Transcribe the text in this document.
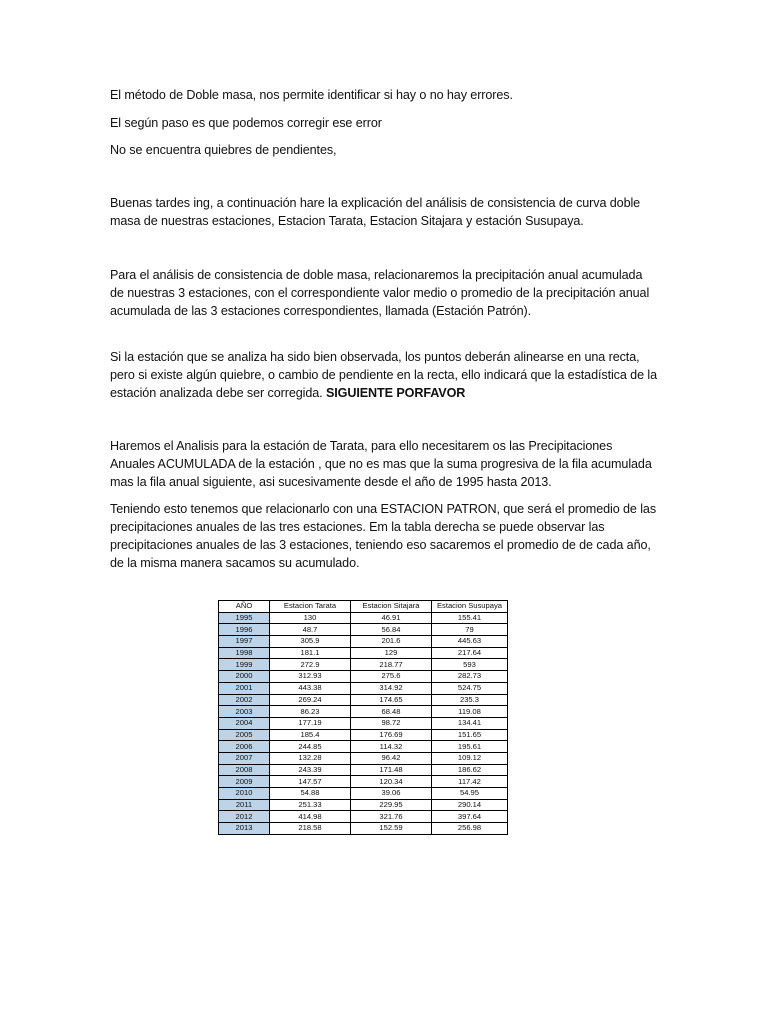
El método de Doble masa, nos permite identificar si hay o no hay errores.

El según paso es que podemos corregir ese error

No se encuentra quiebres de pendientes,

Buenas tardes ing, a continuación hare la explicación del análisis de consistencia de curva doble masa de nuestras estaciones, Estacion Tarata, Estacion Sitajara y estación Susupaya.

Para el análisis de consistencia de doble masa, relacionaremos la precipitación anual acumulada de nuestras 3 estaciones, con el correspondiente valor medio o promedio de la precipitación anual acumulada de las 3 estaciones correspondientes, llamada (Estación Patrón).

Si la estación que se analiza ha sido bien observada, los puntos deberán alinearse en una recta, pero si existe algún quiebre, o cambio de pendiente en la recta, ello indicará que la estadística de la estación analizada debe ser corregida. SIGUIENTE PORFAVOR

Haremos el Analisis para la estación de Tarata, para ello necesitarem os las Precipitaciones Anuales ACUMULADA de la estación , que no es mas que la suma progresiva de la fila acumulada mas la fila anual siguiente, asi sucesivamente desde el año de 1995 hasta 2013.

Teniendo esto tenemos que relacionarlo con una ESTACION PATRON, que será el promedio de las precipitaciones anuales de las tres estaciones. Em la tabla derecha se puede observar las precipitaciones anuales de las 3 estaciones, teniendo eso sacaremos el promedio de de cada año, de la misma manera sacamos su acumulado.

AÑO	Estacion Tarata	Estacion Sitajara	Estacion Susupaya
1995	130	46.91	155.41
1996	48.7	56.84	79
1997	305.9	201.6	445.63
1998	181.1	129	217.64
1999	272.9	218.77	593
2000	312.93	275.6	282.73
2001	443.38	314.92	524.75
2002	269.24	174.65	235.3
2003	86.23	68.48	119.08
2004	177.19	98.72	134.41
2005	185.4	176.69	151.65
2006	244.85	114.32	195.61
2007	132.28	96.42	109.12
2008	243.39	171.48	186.62
2009	147.57	120.34	117.42
2010	54.88	39.06	54.95
2011	251.33	229.95	290.14
2012	414.98	321.76	397.64
2013	218.58	152.59	256.98
